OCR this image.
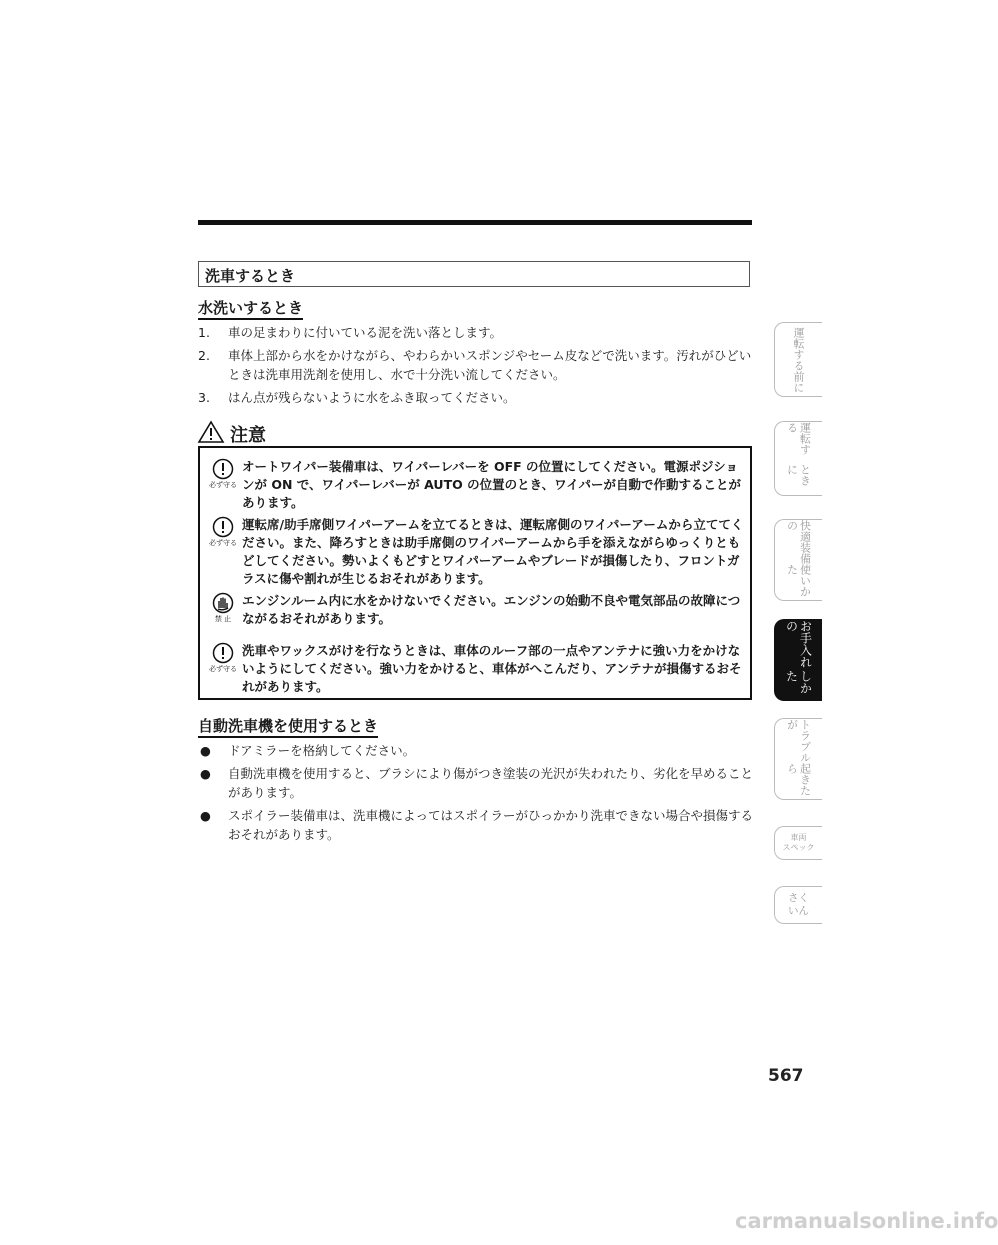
洗車するとき
水洗いするとき
1. 車の足まわりに付いている泥を洗い落とします。
2. 車体上部から水をかけながら、やわらかいスポンジやセーム皮などで洗います。汚れがひどいときは洗車用洗剤を使用し、水で十分洗い流してください。
3. はん点が残らないように水をふき取ってください。
注意
必ず守る
オートワイパー装備車は、ワイパーレバーを OFF の位置にしてください。電源ポジションが ON で、ワイパーレバーが AUTO の位置のとき、ワイパーが自動で作動することがあります。
必ず守る
運転席/助手席側ワイパーアームを立てるときは、運転席側のワイパーアームから立ててください。また、降ろすときは助手席側のワイパーアームから手を添えながらゆっくりともどしてください。勢いよくもどすとワイパーアームやブレードが損傷したり、フロントガラスに傷や割れが生じるおそれがあります。
禁 止
エンジンルーム内に水をかけないでください。エンジンの始動不良や電気部品の故障につながるおそれがあります。
必ず守る
洗車やワックスがけを行なうときは、車体のルーフ部の一点やアンテナに強い力をかけないようにしてください。強い力をかけると、車体がへこんだり、アンテナが損傷するおそれがあります。
自動洗車機を使用するとき
● ドアミラーを格納してください。
● 自動洗車機を使用すると、ブラシにより傷がつき塗装の光沢が失われたり、劣化を早めることがあります。
● スポイラー装備車は、洗車機によってはスポイラーがひっかかり洗車できない場合や損傷するおそれがあります。
運転する
前に
運転する
ときに
快適装備の
使いかた
お手入れの
しかた
トラブルが
起きたら
車両
スペック
さく
いん
567
carmanualsonline.info
